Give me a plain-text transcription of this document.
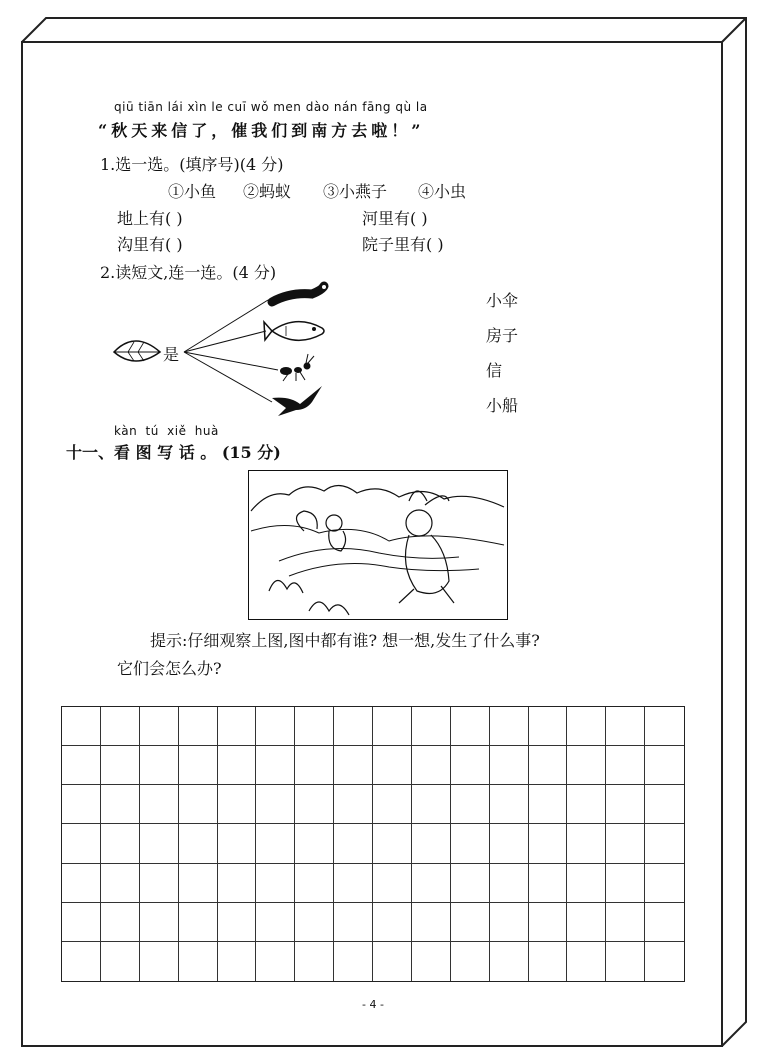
qiū tiān lái xìn le cuī wǒ men dào nán fāng qù la
“秋天来信了，催我们到南方去啦！”
1.选一选。(填序号)(4 分)
①小鱼 ②蚂蚁 ③小燕子 ④小虫
地上有( )	河里有( )
沟里有( )	院子里有( )
2.读短文,连一连。(4 分)
是
小伞
房子
信
小船
kàn tú xiě huà
十一、看 图 写 话 。 (15 分)
提示:仔细观察上图,图中都有谁? 想一想,发生了什么事?
它们会怎么办?
- 4 -
